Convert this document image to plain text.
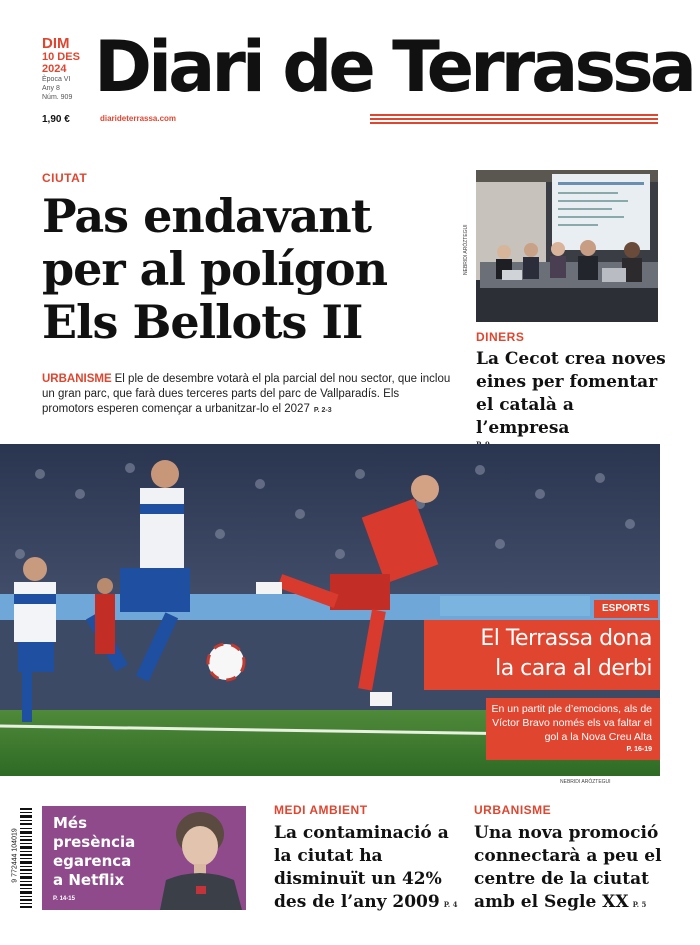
DIM
10 DES
2024
Època VI
Any 8
Núm. 909 Diari de Terrassa
1,90 €	diarideterrassa.com
CIUTAT
Pas endavant
per al polígon
Els Bellots II
URBANISME El ple de desembre votarà el pla parcial del nou sector, que inclou un gran parc, que farà dues terceres parts del parc de Vallparadís. Els promotors esperen començar a urbanitzar-lo el 2027 P. 2-3
NEBRIDI ARÓZTEGUI
DINERS
La Cecot crea noves eines per fomentar el català a l’empresa
NEBRIDI ARÓZTEGUI
ESPORTS
El Terrassa dona
la cara al derbi
En un partit ple d’emocions, als de Víctor Bravo només els va faltar el gol a la Nova Creu Alta
P. 16-19
9 772444 104019
Més
presència
egarenca
a Netflix
P. 14-15
MEDI AMBIENT
La contaminació a la ciutat ha disminuït un 42% des de l’any 2009 P. 4
URBANISME
Una nova promoció connectarà a peu el centre de la ciutat amb el Segle XX P. 5
